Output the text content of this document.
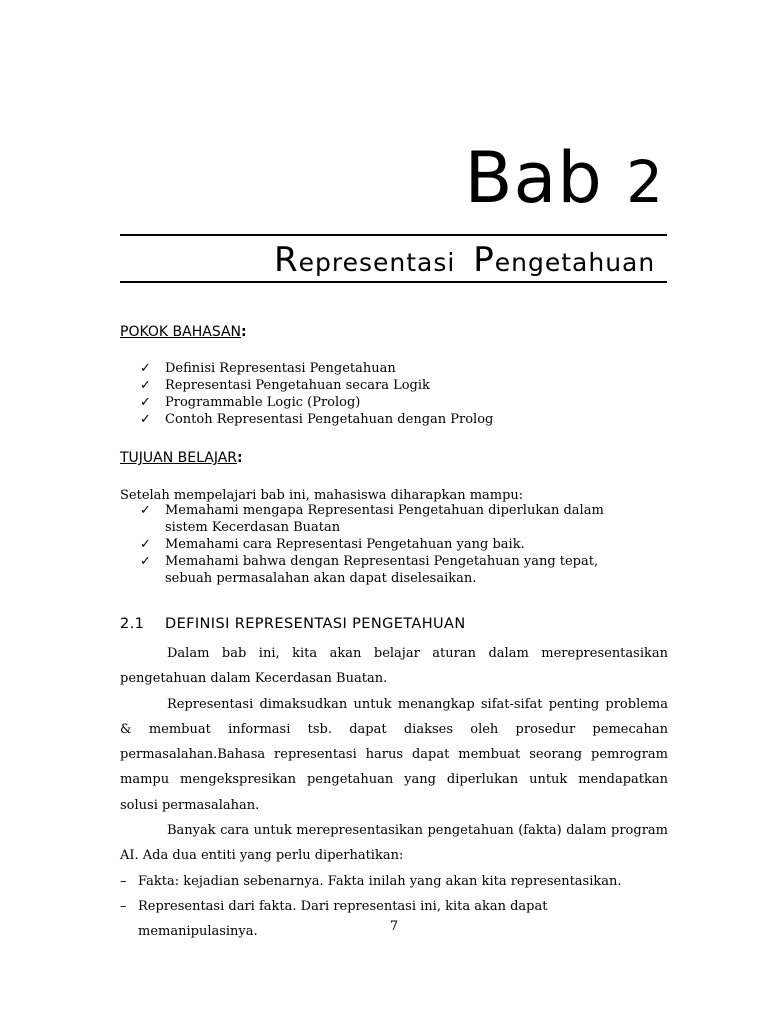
Bab 2
Representasi Pengetahuan
POKOK BAHASAN:
✓ Definisi Representasi Pengetahuan
✓ Representasi Pengetahuan secara Logik
✓ Programmable Logic (Prolog)
✓ Contoh Representasi Pengetahuan dengan Prolog
TUJUAN BELAJAR:
Setelah mempelajari bab ini, mahasiswa diharapkan mampu:
✓ Memahami mengapa Representasi Pengetahuan diperlukan dalam sistem Kecerdasan Buatan
✓ Memahami cara Representasi Pengetahuan yang baik.
✓ Memahami bahwa dengan Representasi Pengetahuan yang tepat, sebuah permasalahan akan dapat diselesaikan.
2.1 DEFINISI REPRESENTASI PENGETAHUAN

Dalam bab ini, kita akan belajar aturan dalam merepresentasikan pengetahuan dalam Kecerdasan Buatan.

Representasi dimaksudkan untuk menangkap sifat-sifat penting problema & membuat informasi tsb. dapat diakses oleh prosedur pemecahan permasalahan.Bahasa representasi harus dapat membuat seorang pemrogram mampu mengekspresikan pengetahuan yang diperlukan untuk mendapatkan solusi permasalahan.

Banyak cara untuk merepresentasikan pengetahuan (fakta) dalam program AI. Ada dua entiti yang perlu diperhatikan:

– Fakta: kejadian sebenarnya. Fakta inilah yang akan kita representasikan.

– Representasi dari fakta. Dari representasi ini, kita akan dapat memanipulasinya.	7
